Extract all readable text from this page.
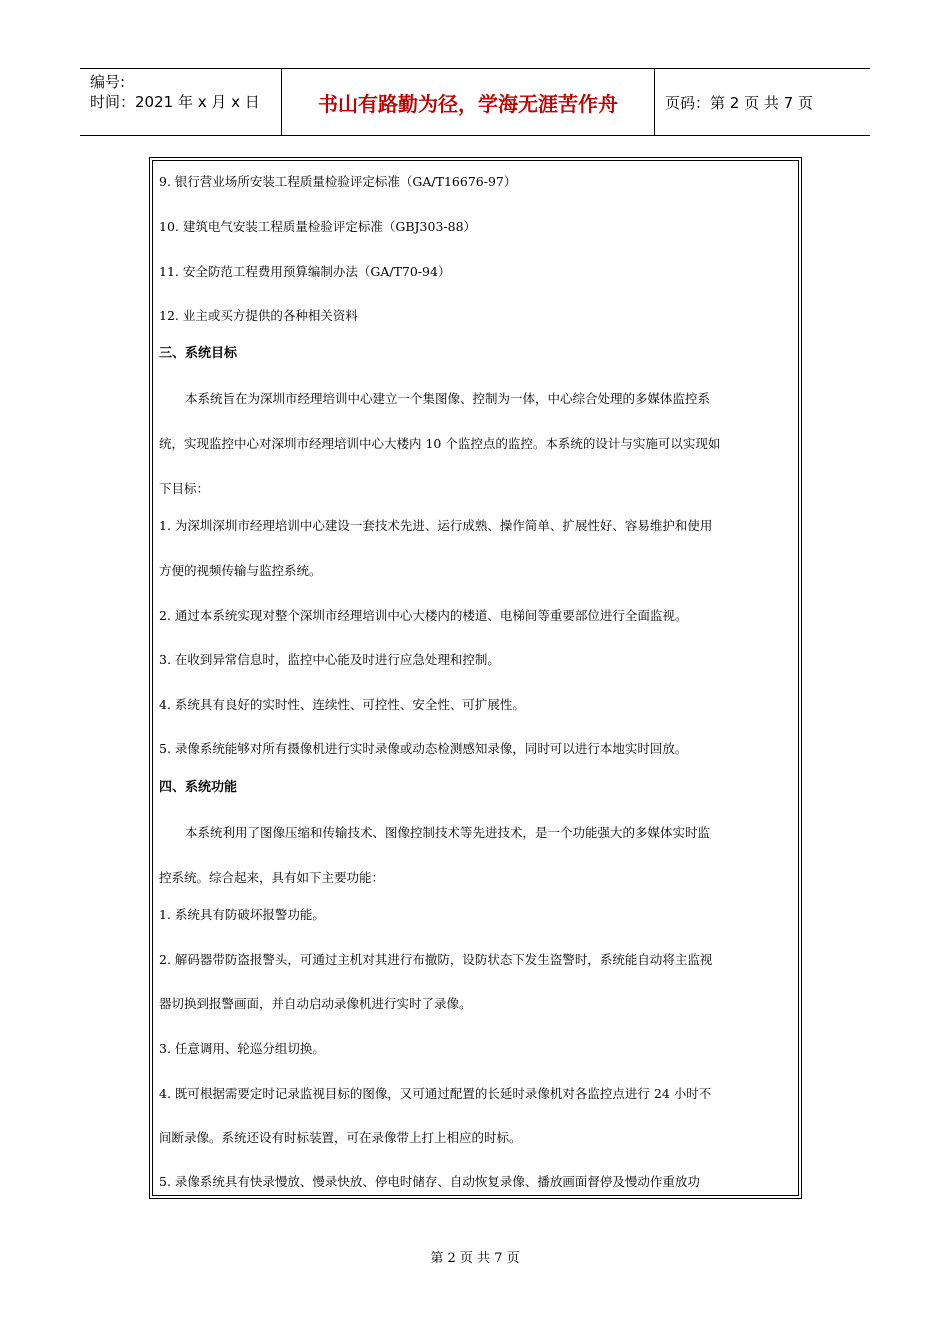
编号:
时间：2021 年 x 月 x 日	书山有路勤为径，学海无涯苦作舟	页码：第 2 页 共 7 页
9. 银行营业场所安装工程质量检验评定标准（GA/T16676-97）
10. 建筑电气安装工程质量检验评定标准（GBJ303-88）
11. 安全防范工程费用预算编制办法（GA/T70-94）
12. 业主或买方提供的各种相关资料
三、系统目标
本系统旨在为深圳市经理培训中心建立一个集图像、控制为一体，中心综合处理的多媒体监控系
统，实现监控中心对深圳市经理培训中心大楼内 10 个监控点的监控。本系统的设计与实施可以实现如
下目标：
1. 为深圳深圳市经理培训中心建设一套技术先进、运行成熟、操作简单、扩展性好、容易维护和使用
方便的视频传输与监控系统。
2. 通过本系统实现对整个深圳市经理培训中心大楼内的楼道、电梯间等重要部位进行全面监视。
3. 在收到异常信息时，监控中心能及时进行应急处理和控制。
4. 系统具有良好的实时性、连续性、可控性、安全性、可扩展性。
5. 录像系统能够对所有摄像机进行实时录像或动态检测感知录像，同时可以进行本地实时回放。
四、系统功能
本系统利用了图像压缩和传输技术、图像控制技术等先进技术，是一个功能强大的多媒体实时监
控系统。综合起来，具有如下主要功能：
1. 系统具有防破坏报警功能。
2. 解码器带防盗报警头，可通过主机对其进行布撤防，设防状态下发生盗警时，系统能自动将主监视
器切换到报警画面，并自动启动录像机进行实时了录像。
3. 任意调用、轮巡分组切换。
4. 既可根据需要定时记录监视目标的图像，又可通过配置的长延时录像机对各监控点进行 24 小时不
间断录像。系统还设有时标装置，可在录像带上打上相应的时标。
5. 录像系统具有快录慢放、慢录快放、停电时储存、自动恢复录像、播放画面督停及慢动作重放功
第 2 页 共 7 页
